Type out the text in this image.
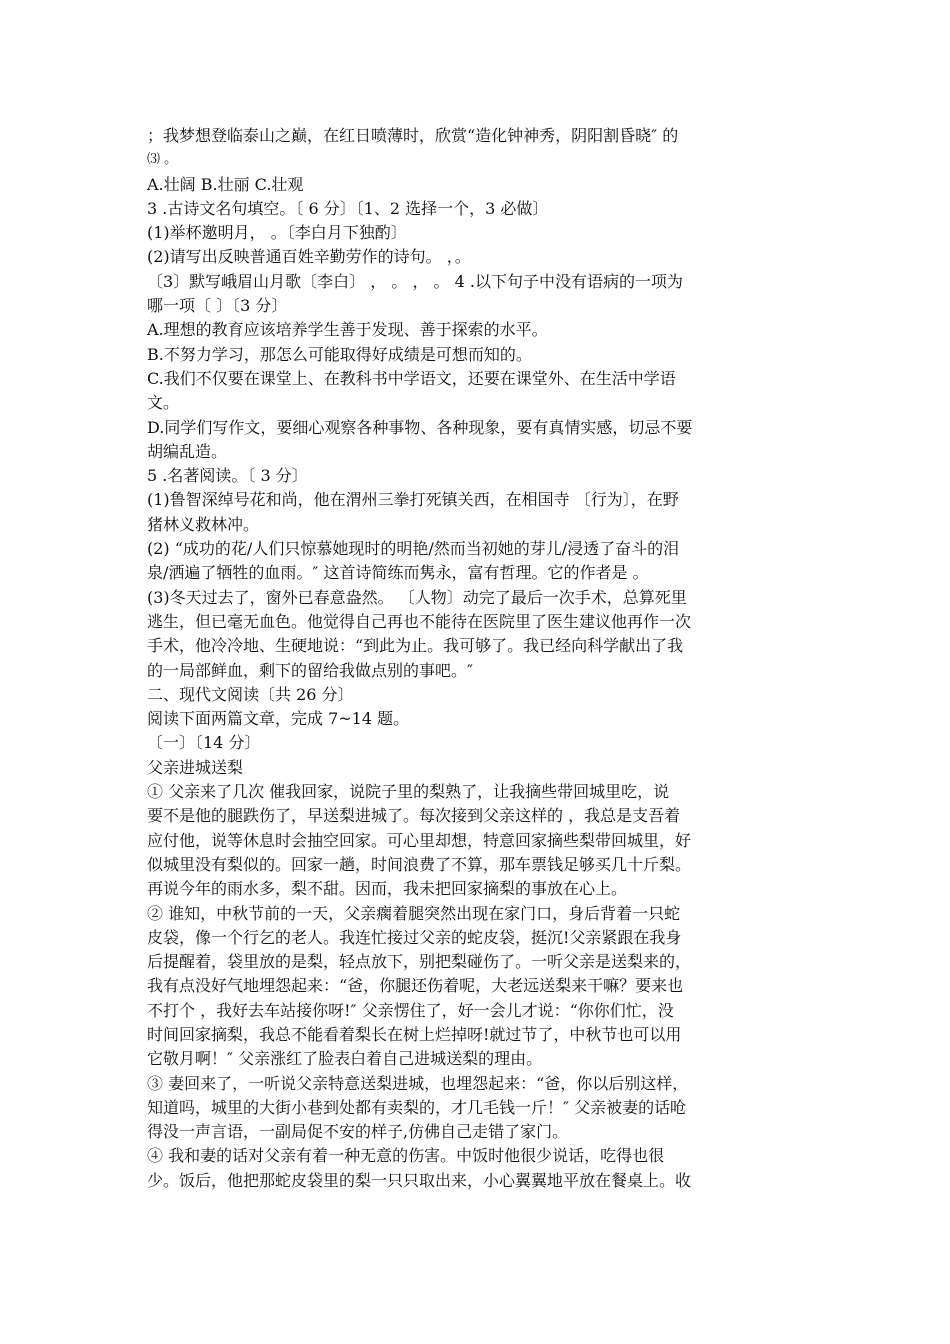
；我梦想登临泰山之巅，在红日喷薄时，欣赏“造化钟神秀，阴阳割昏晓″ 的
⑶ 。
A.壮阔 B.壮丽 C.壮观
3 .古诗文名句填空。〔 6 分〕〔1、2 选择一个，3 必做〕
(1)举杯邀明月， 。〔李白月下独酌〕
(2)请写出反映普通百姓辛勤劳作的诗句。 ，。
〔3〕默写峨眉山月歌〔李白〕 ， 。 ， 。 4 .以下句子中没有语病的一项为
哪一项〔 〕〔3 分〕
A.理想的教育应该培养学生善于发现、善于探索的水平。
B.不努力学习，那怎么可能取得好成绩是可想而知的。
C.我们不仅要在课堂上、在教科书中学语文，还要在课堂外、在生活中学语
文。
D.同学们写作文，要细心观察各种事物、各种现象，要有真情实感，切忌不要
胡编乱造。
5 .名著阅读。〔 3 分〕
(1)鲁智深绰号花和尚，他在渭州三拳打死镇关西，在相国寺 〔行为〕，在野
猪林义救林冲。
(2) “成功的花/人们只惊慕她现时的明艳/然而当初她的芽儿/浸透了奋斗的泪
泉/洒遍了牺牲的血雨。″ 这首诗简练而隽永，富有哲理。它的作者是 。
(3)冬天过去了，窗外已春意盎然。 〔人物〕动完了最后一次手术，总算死里
逃生，但已毫无血色。他觉得自己再也不能待在医院里了医生建议他再作一次
手术，他冷冷地、生硬地说：“到此为止。我可够了。我已经向科学献出了我
的一局部鲜血，剩下的留给我做点别的事吧。″
二、现代文阅读〔共 26 分〕
阅读下面两篇文章，完成 7~14 题。
〔一〕〔14 分〕
父亲进城送梨
① 父亲来了几次 催我回家，说院子里的梨熟了，让我摘些带回城里吃，说
要不是他的腿跌伤了，早送梨进城了。每次接到父亲这样的 ，我总是支吾着
应付他，说等休息时会抽空回家。可心里却想，特意回家摘些梨带回城里，好
似城里没有梨似的。回家一趟，时间浪费了不算，那车票钱足够买几十斤梨。
再说今年的雨水多，梨不甜。因而，我未把回家摘梨的事放在心上。
② 谁知，中秋节前的一天，父亲瘸着腿突然出现在家门口，身后背着一只蛇
皮袋，像一个行乞的老人。我连忙接过父亲的蛇皮袋，挺沉!父亲紧跟在我身
后提醒着，袋里放的是梨，轻点放下，别把梨碰伤了。一听父亲是送梨来的，
我有点没好气地埋怨起来：“爸，你腿还伤着呢，大老远送梨来干嘛？要来也
不打个 ，我好去车站接你呀!″ 父亲愣住了，好一会儿才说：“你你们忙，没
时间回家摘梨，我总不能看着梨长在树上烂掉呀!就过节了，中秋节也可以用
它敬月啊！″ 父亲涨红了脸表白着自己进城送梨的理由。
③ 妻回来了，一听说父亲特意送梨进城，也埋怨起来：“爸，你以后别这样，
知道吗，城里的大街小巷到处都有卖梨的，才几毛钱一斤！″ 父亲被妻的话呛
得没一声言语，一副局促不安的样子,仿佛自己走错了家门。
④ 我和妻的话对父亲有着一种无意的伤害。中饭时他很少说话，吃得也很
少。饭后，他把那蛇皮袋里的梨一只只取出来，小心翼翼地平放在餐桌上。收
